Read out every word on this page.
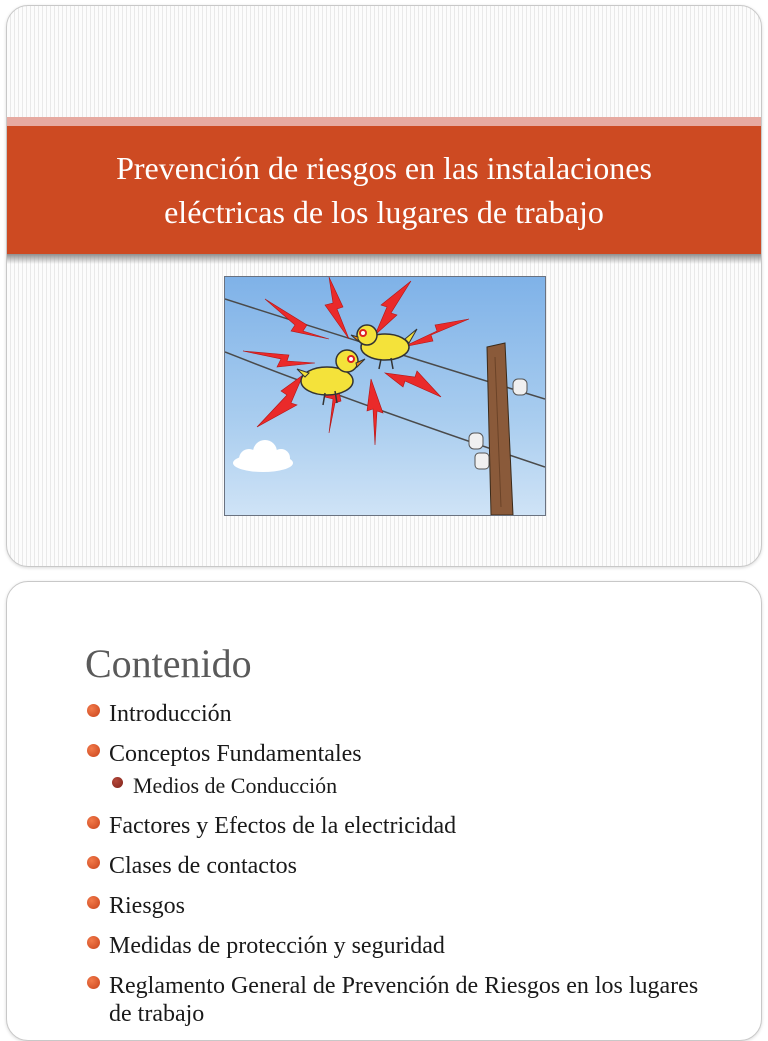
Prevención de riesgos en las instalaciones eléctricas de los lugares de trabajo
Contenido
Introducción
Conceptos Fundamentales
Medios de Conducción
Factores y Efectos de la electricidad
Clases de contactos
Riesgos
Medidas de protección y seguridad
Reglamento General de Prevención de Riesgos en los lugares de trabajo
